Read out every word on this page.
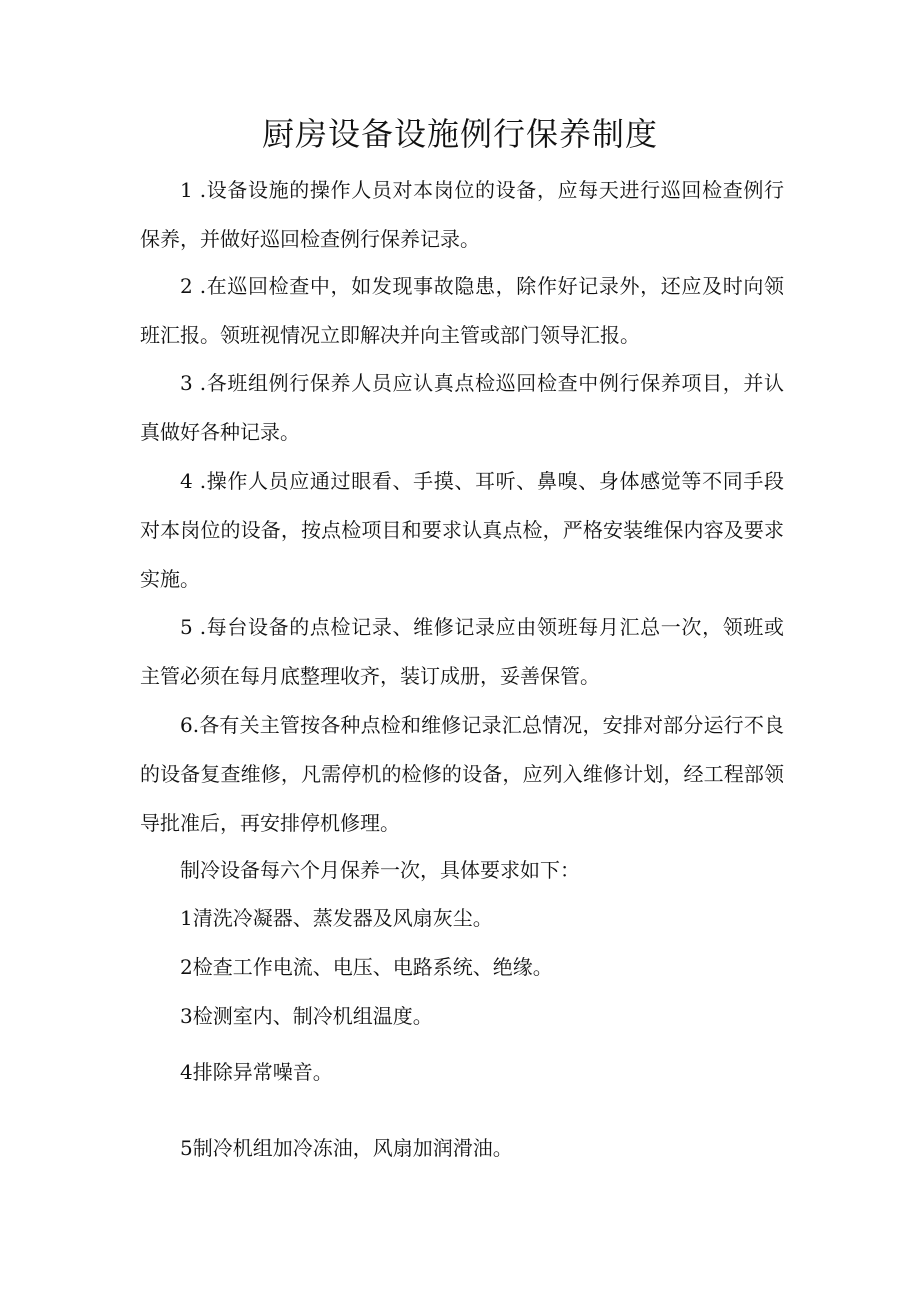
厨房设备设施例行保养制度
1 .设备设施的操作人员对本岗位的设备，应每天进行巡回检查例行保养，并做好巡回检查例行保养记录。
2 .在巡回检查中，如发现事故隐患，除作好记录外，还应及时向领班汇报。领班视情况立即解决并向主管或部门领导汇报。
3 .各班组例行保养人员应认真点检巡回检查中例行保养项目，并认真做好各种记录。
4 .操作人员应通过眼看、手摸、耳听、鼻嗅、身体感觉等不同手段对本岗位的设备，按点检项目和要求认真点检，严格安装维保内容及要求实施。
5 .每台设备的点检记录、维修记录应由领班每月汇总一次，领班或主管必须在每月底整理收齐，装订成册，妥善保管。
6.各有关主管按各种点检和维修记录汇总情况，安排对部分运行不良的设备复查维修，凡需停机的检修的设备，应列入维修计划，经工程部领导批准后，再安排停机修理。
制冷设备每六个月保养一次，具体要求如下：
1清洗冷凝器、蒸发器及风扇灰尘。
2检查工作电流、电压、电路系统、绝缘。
3检测室内、制冷机组温度。
4排除异常噪音。
5制冷机组加冷冻油，风扇加润滑油。
